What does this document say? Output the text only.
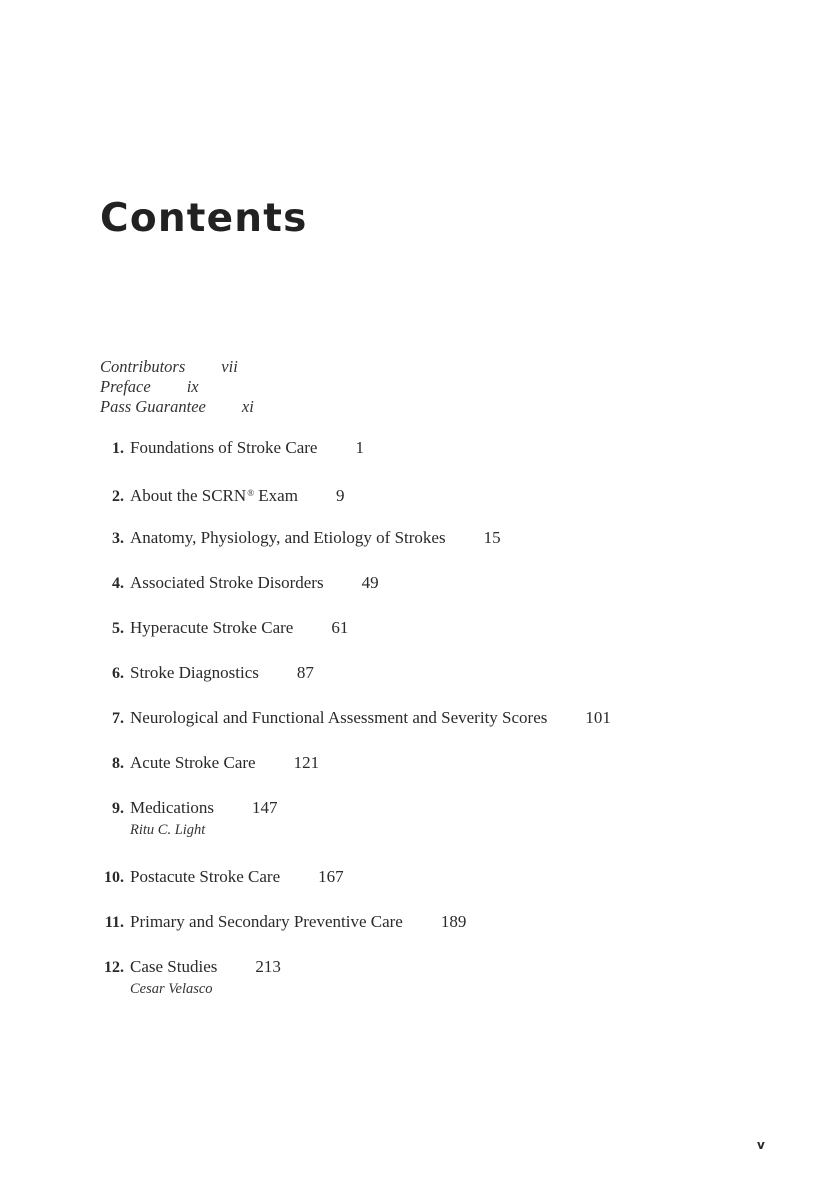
Contents
Contributors vii
Preface ix
Pass Guarantee xi
1. Foundations of Stroke Care 1
2. About the SCRN® Exam 9
3. Anatomy, Physiology, and Etiology of Strokes 15
4. Associated Stroke Disorders 49
5. Hyperacute Stroke Care 61
6. Stroke Diagnostics 87
7. Neurological and Functional Assessment and Severity Scores 101
8. Acute Stroke Care 121
9. Medications 147
Ritu C. Light
10. Postacute Stroke Care 167
11. Primary and Secondary Preventive Care 189
12. Case Studies 213
Cesar Velasco
v
